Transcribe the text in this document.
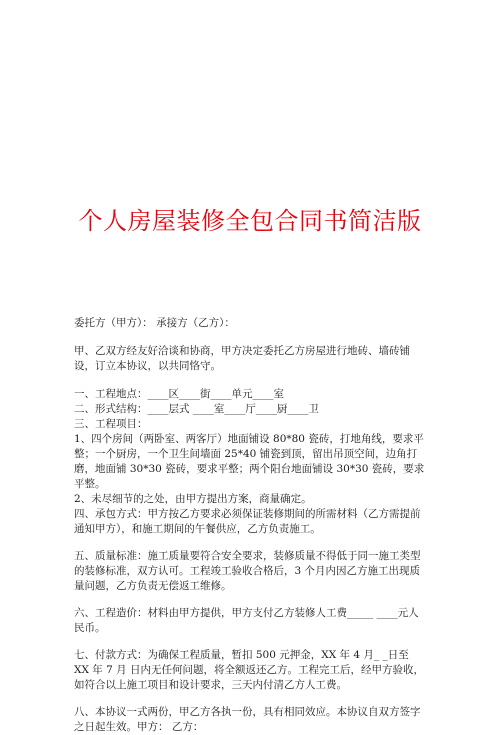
个人房屋装修全包合同书简洁版

委托方（甲方）： 承接方（乙方）：

甲、乙双方经友好洽谈和协商，甲方决定委托乙方房屋进行地砖、墙砖铺设，订立本协议，以共同恪守。

一、工程地点：____区____街____单元____室

二、形式结构：____层式 ____室____厅____厨____卫

三、工程项目：

1、四个房间（两卧室、两客厅）地面铺设 80*80 瓷砖，打地角线，要求平整；一个厨房，一个卫生间墙面 25*40 铺瓷到顶，留出吊顶空间，边角打磨，地面铺 30*30 瓷砖，要求平整；两个阳台地面铺设 30*30 瓷砖，要求平整。

2、未尽细节的之处，由甲方提出方案，商量确定。

四、承包方式：甲方按乙方要求必须保证装修期间的所需材料（乙方需提前通知甲方），和施工期间的午餐供应，乙方负责施工。

五、质量标准：施工质量要符合安全要求，装修质量不得低于同一施工类型的装修标准，双方认可。工程竣工验收合格后，3 个月内因乙方施工出现质量问题，乙方负责无偿返工维修。

六、工程造价：材料由甲方提供，甲方支付乙方装修人工费_____ ____元人民币。

七、付款方式：为确保工程质量，暂扣 500 元押金，XX 年 4 月_ _日至 XX 年 7 月 日内无任何问题，将全额返还乙方。工程完工后，经甲方验收，如符合以上施工项目和设计要求，三天内付清乙方人工费。

八、本协议一式两份，甲乙方各执一份，具有相同效应。本协议自双方签字之日起生效。甲方： 乙方：
